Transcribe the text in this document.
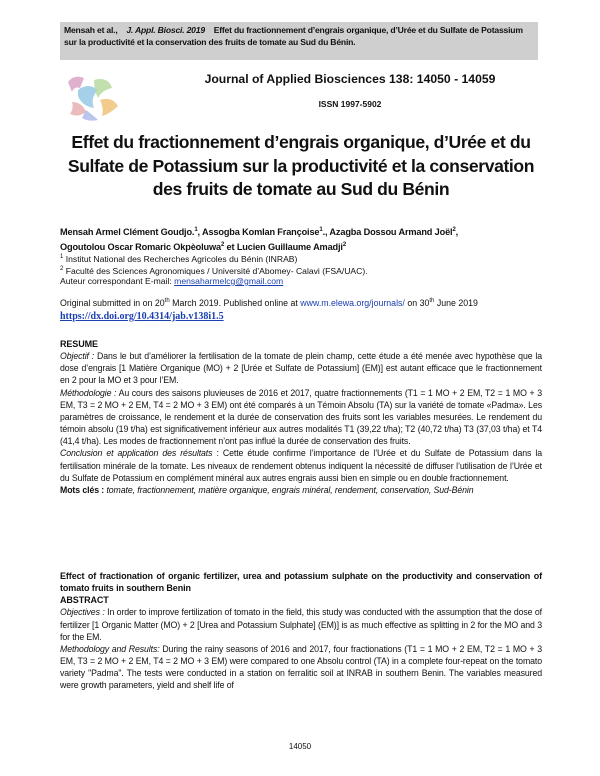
Mensah et al., J. Appl. Biosci. 2019 Effet du fractionnement d’engrais organique, d’Urée et du Sulfate de Potassium
sur la productivité et la conservation des fruits de tomate au Sud du Bénin.
Journal of Applied Biosciences 138: 14050 - 14059
ISSN 1997-5902
Effet du fractionnement d’engrais organique, d’Urée et du Sulfate de Potassium sur la productivité et la conservation des fruits de tomate au Sud du Bénin
Mensah Armel Clément Goudjo.$^1$, Assogba Komlan Françoise$^1$., Azagba Dossou Armand Joël$^2$,
Ogoutolou Oscar Romaric Okpèoluwa$^2$ et Lucien Guillaume Amadji$^2$
$^1$ Institut National des Recherches Agricoles du Bénin (INRAB)
$^2$ Faculté des Sciences Agronomiques / Université d’Abomey- Calavi (FSA/UAC).
Auteur correspondant E-mail: mensaharmelcg@gmail.com
Original submitted in on 20th March 2019. Published online at www.m.elewa.org/journals/ on 30th June 2019
https://dx.doi.org/10.4314/jab.v138i1.5
RESUME
Objectif : Dans le but d’améliorer la fertilisation de la tomate de plein champ, cette étude a été menée avec hypothèse que la dose d’engrais [1 Matière Organique (MO) + 2 [Urée et Sulfate de Potassium] (EM)] est autant efficace que le fractionnement en 2 pour la MO et 3 pour l’EM.
Méthodologie : Au cours des saisons pluvieuses de 2016 et 2017, quatre fractionnements (T1 = 1 MO + 2 EM, T2 = 1 MO + 3 EM, T3 = 2 MO + 2 EM, T4 = 2 MO + 3 EM) ont été comparés à un Témoin Absolu (TA) sur la variété de tomate «Padma». Les paramètres de croissance, le rendement et la durée de conservation des fruits sont les variables mesurées. Le rendement du témoin absolu (19 t/ha) est significativement inférieur aux autres modalités T1 (39,22 t/ha); T2 (40,72 t/ha) T3 (37,03 t/ha) et T4 (41,4 t/ha). Les modes de fractionnement n’ont pas influé la durée de conservation des fruits.
Conclusion et application des résultats : Cette étude confirme l’importance de l’Urée et du Sulfate de Potassium dans la fertilisation minérale de la tomate. Les niveaux de rendement obtenus indiquent la nécessité de diffuser l’utilisation de l’Urée et du Sulfate de Potassium en complément minéral aux autres engrais aussi bien en simple ou en double fractionnement.
Mots clés : tomate, fractionnement, matière organique, engrais minéral, rendement, conservation, Sud-Bénin
Effect of fractionation of organic fertilizer, urea and potassium sulphate on the productivity and conservation of tomato fruits in southern Benin
ABSTRACT
Objectives : In order to improve fertilization of tomato in the field, this study was conducted with the assumption that the dose of fertilizer [1 Organic Matter (MO) + 2 [Urea and Potassium Sulphate] (EM)] is as much effective as splitting in 2 for the MO and 3 for the EM.
Methodology and Results: During the rainy seasons of 2016 and 2017, four fractionations (T1 = 1 MO + 2 EM, T2 = 1 MO + 3 EM, T3 = 2 MO + 2 EM, T4 = 2 MO + 3 EM) were compared to one Absolu control (TA) in a complete four-repeat on the tomato variety "Padma". The tests were conducted in a station on ferralitic soil at INRAB in southern Benin. The variables measured were growth parameters, yield and shelf life of
14050
